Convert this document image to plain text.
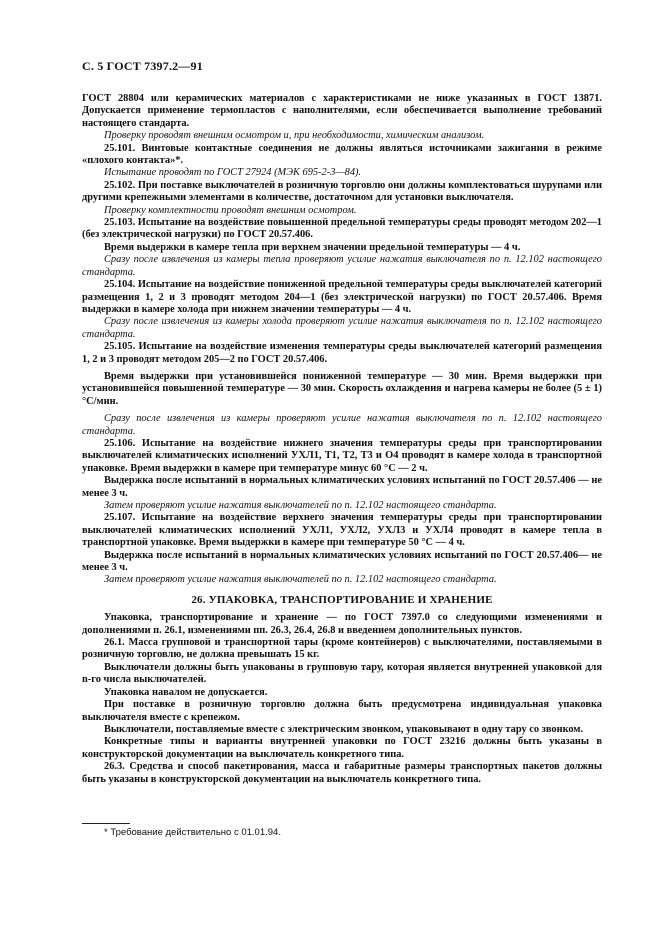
С. 5 ГОСТ 7397.2—91

ГОСТ 28804 или керамических материалов с характеристиками не ниже указанных в ГОСТ 13871. Допускается применение термопластов с наполнителями, если обеспечивается выполнение требований настоящего стандарта.

Проверку проводят внешним осмотром и, при необходимости, химическим анализом.

25.101. Винтовые контактные соединения не должны являться источниками зажигания в режиме «плохого контакта»*.

Испытание проводят по ГОСТ 27924 (МЭК 695-2-3—84).

25.102. При поставке выключателей в розничную торговлю они должны комплектоваться шурупами или другими крепежными элементами в количестве, достаточном для установки выключателя.

Проверку комплектности проводят внешним осмотром.

25.103. Испытание на воздействие повышенной предельной температуры среды проводят методом 202—1 (без электрической нагрузки) по ГОСТ 20.57.406.

Время выдержки в камере тепла при верхнем значении предельной температуры — 4 ч.

Сразу после извлечения из камеры тепла проверяют усилие нажатия выключателя по п. 12.102 настоящего стандарта.

25.104. Испытание на воздействие пониженной предельной температуры среды выключателей категорий размещения 1, 2 и 3 проводят методом 204—1 (без электрической нагрузки) по ГОСТ 20.57.406. Время выдержки в камере холода при нижнем значении температуры — 4 ч.

Сразу после извлечения из камеры холода проверяют усилие нажатия выключателя по п. 12.102 настоящего стандарта.

25.105. Испытание на воздействие изменения температуры среды выключателей категорий размещения 1, 2 и 3 проводят методом 205—2 по ГОСТ 20.57.406.

Время выдержки при установившейся пониженной температуре — 30 мин. Время выдержки при установившейся повышенной температуре — 30 мин. Скорость охлаждения и нагрева камеры не более (5 ± 1) °С/мин.

Сразу после извлечения из камеры проверяют усилие нажатия выключателя по п. 12.102 настоящего стандарта.

25.106. Испытание на воздействие нижнего значения температуры среды при транспортировании выключателей климатических исполнений УХЛ1, Т1, Т2, Т3 и О4 проводят в камере холода в транспортной упаковке. Время выдержки в камере при температуре минус 60 °С — 2 ч.

Выдержка после испытаний в нормальных климатических условиях испытаний по ГОСТ 20.57.406 — не менее 3 ч.

Затем проверяют усилие нажатия выключателей по п. 12.102 настоящего стандарта.

25.107. Испытание на воздействие верхнего значения температуры среды при транспортировании выключателей климатических исполнений УХЛ1, УХЛ2, УХЛ3 и УХЛ4 проводят в камере тепла в транспортной упаковке. Время выдержки в камере при температуре 50 °С — 4 ч.

Выдержка после испытаний в нормальных климатических условиях испытаний по ГОСТ 20.57.406— не менее 3 ч.

Затем проверяют усилие нажатия выключателей по п. 12.102 настоящего стандарта.

26. УПАКОВКА, ТРАНСПОРТИРОВАНИЕ И ХРАНЕНИЕ

Упаковка, транспортирование и хранение — по ГОСТ 7397.0 со следующими изменениями и дополнениями п. 26.1, изменениями пп. 26.3, 26.4, 26.8 и введением дополнительных пунктов.

26.1. Масса групповой и транспортной тары (кроме контейнеров) с выключателями, поставляемыми в розничную торговлю, не должна превышать 15 кг.

Выключатели должны быть упакованы в групповую тару, которая является внутренней упаковкой для n-го числа выключателей.

Упаковка навалом не допускается.

При поставке в розничную торговлю должна быть предусмотрена индивидуальная упаковка выключателя вместе с крепежом.

Выключатели, поставляемые вместе с электрическим звонком, упаковывают в одну тару со звонком.

Конкретные типы и варианты внутренней упаковки по ГОСТ 23216 должны быть указаны в конструкторской документации на выключатель конкретного типа.

26.3. Средства и способ пакетирования, масса и габаритные размеры транспортных пакетов должны быть указаны в конструкторской документации на выключатель конкретного типа.

* Требование действительно с 01.01.94.
